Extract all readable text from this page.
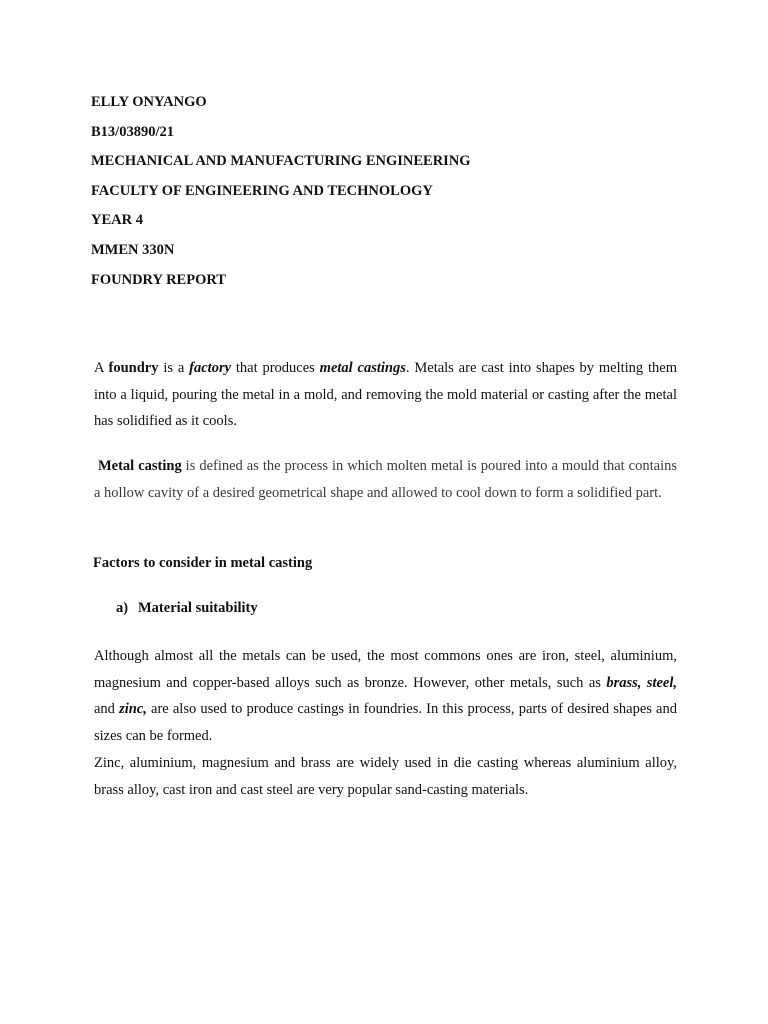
ELLY ONYANGO
B13/03890/21
MECHANICAL AND MANUFACTURING ENGINEERING
FACULTY OF ENGINEERING AND TECHNOLOGY
YEAR 4
MMEN 330N
FOUNDRY REPORT

A foundry is a factory that produces metal castings. Metals are cast into shapes by melting them into a liquid, pouring the metal in a mold, and removing the mold material or casting after the metal has solidified as it cools.

Metal casting is defined as the process in which molten metal is poured into a mould that contains a hollow cavity of a desired geometrical shape and allowed to cool down to form a solidified part.

Factors to consider in metal casting
a) Material suitability

Although almost all the metals can be used, the most commons ones are iron, steel, aluminium, magnesium and copper-based alloys such as bronze. However, other metals, such as brass, steel, and zinc, are also used to produce castings in foundries. In this process, parts of desired shapes and sizes can be formed.

Zinc, aluminium, magnesium and brass are widely used in die casting whereas aluminium alloy, brass alloy, cast iron and cast steel are very popular sand-casting materials.
